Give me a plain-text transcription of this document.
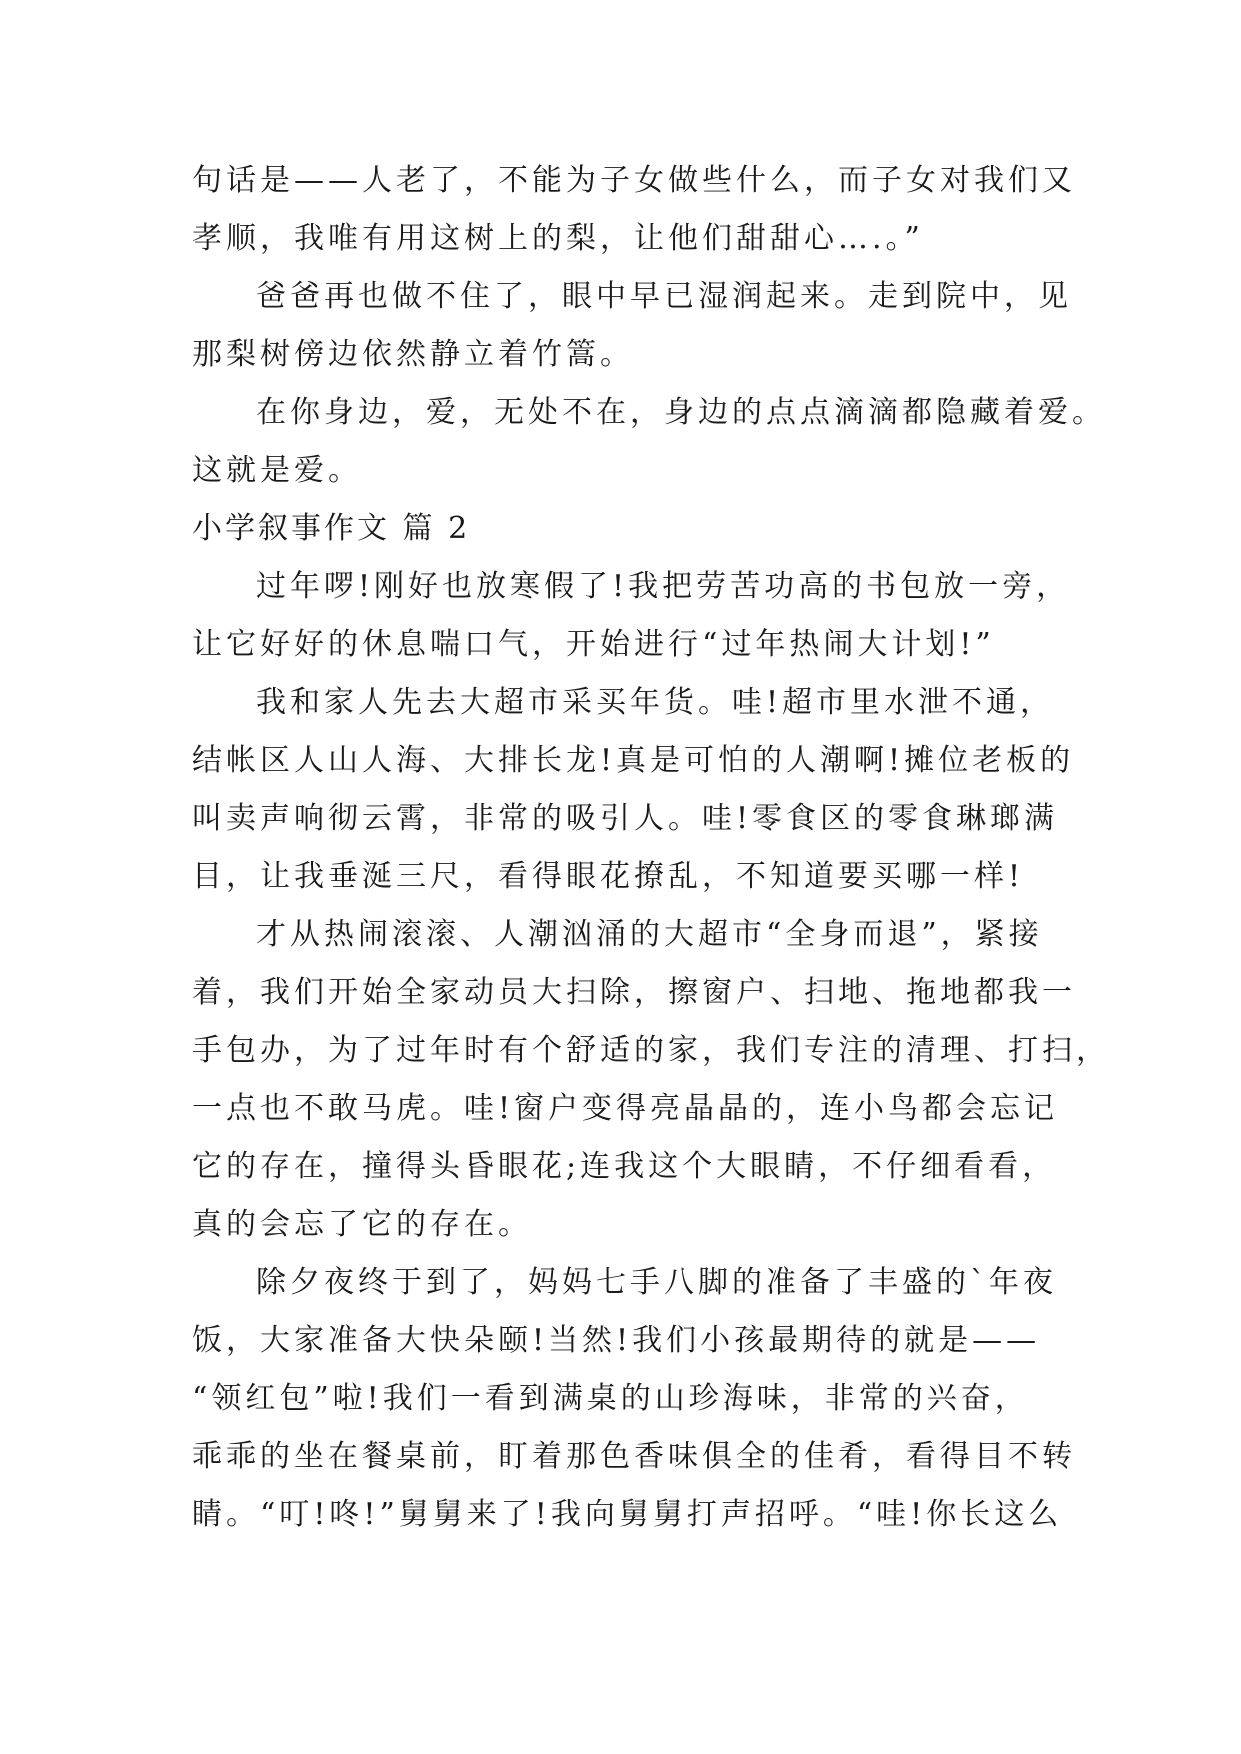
句话是——人老了，不能为子女做些什么，而子女对我们又
孝顺，我唯有用这树上的梨，让他们甜甜心….。”
爸爸再也做不住了，眼中早已湿润起来。走到院中，见
那梨树傍边依然静立着竹篙。
在你身边，爱，无处不在，身边的点点滴滴都隐藏着爱。
这就是爱。
小学叙事作文 篇 2
过年啰!刚好也放寒假了!我把劳苦功高的书包放一旁，
让它好好的休息喘口气，开始进行“过年热闹大计划!”
我和家人先去大超市采买年货。哇!超市里水泄不通，
结帐区人山人海、大排长龙!真是可怕的人潮啊!摊位老板的
叫卖声响彻云霄，非常的吸引人。哇!零食区的零食琳瑯满
目，让我垂涎三尺，看得眼花撩乱，不知道要买哪一样!
才从热闹滚滚、人潮汹涌的大超市“全身而退”，紧接
着，我们开始全家动员大扫除，擦窗户、扫地、拖地都我一
手包办，为了过年时有个舒适的家，我们专注的清理、打扫，
一点也不敢马虎。哇!窗户变得亮晶晶的，连小鸟都会忘记
它的存在，撞得头昏眼花;连我这个大眼睛，不仔细看看，
真的会忘了它的存在。
除夕夜终于到了，妈妈七手八脚的准备了丰盛的`年夜
饭，大家准备大快朵颐!当然!我们小孩最期待的就是——
“领红包”啦!我们一看到满桌的山珍海味，非常的兴奋，
乖乖的坐在餐桌前，盯着那色香味俱全的佳肴，看得目不转
睛。“叮!咚!”舅舅来了!我向舅舅打声招呼。“哇!你长这么
